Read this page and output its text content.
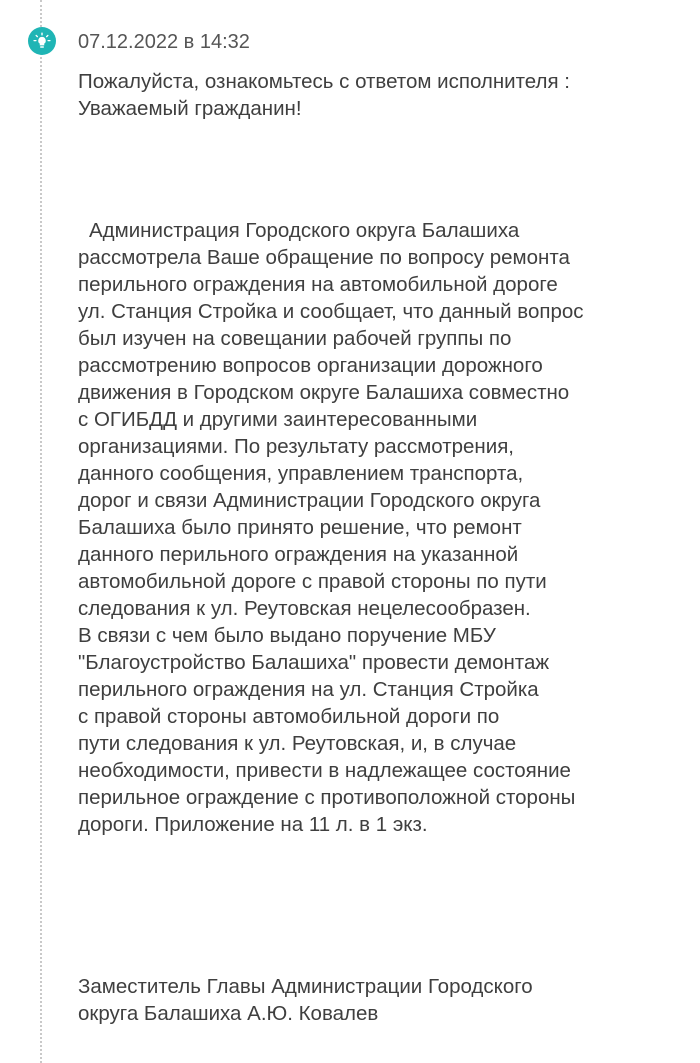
07.12.2022 в 14:32

Пожалуйста, ознакомьтесь с ответом исполнителя :
Уважаемый гражданин!

Администрация Городского округа Балашиха
рассмотрела Ваше обращение по вопросу ремонта
перильного ограждения на автомобильной дороге
ул. Станция Стройка и сообщает, что данный вопрос
был изучен на совещании рабочей группы по
рассмотрению вопросов организации дорожного
движения в Городском округе Балашиха совместно
с ОГИБДД и другими заинтересованными
организациями. По результату рассмотрения,
данного сообщения, управлением транспорта,
дорог и связи Администрации Городского округа
Балашиха было принято решение, что ремонт
данного перильного ограждения на указанной
автомобильной дороге с правой стороны по пути
следования к ул. Реутовская нецелесообразен.
В связи с чем было выдано поручение МБУ
"Благоустройство Балашиха" провести демонтаж
перильного ограждения на ул. Станция Стройка
с правой стороны автомобильной дороги по
пути следования к ул. Реутовская, и, в случае
необходимости, привести в надлежащее состояние
перильное ограждение с противоположной стороны
дороги. Приложение на 11 л. в 1 экз.

Заместитель Главы Администрации Городского
округа Балашиха А.Ю. Ковалев
